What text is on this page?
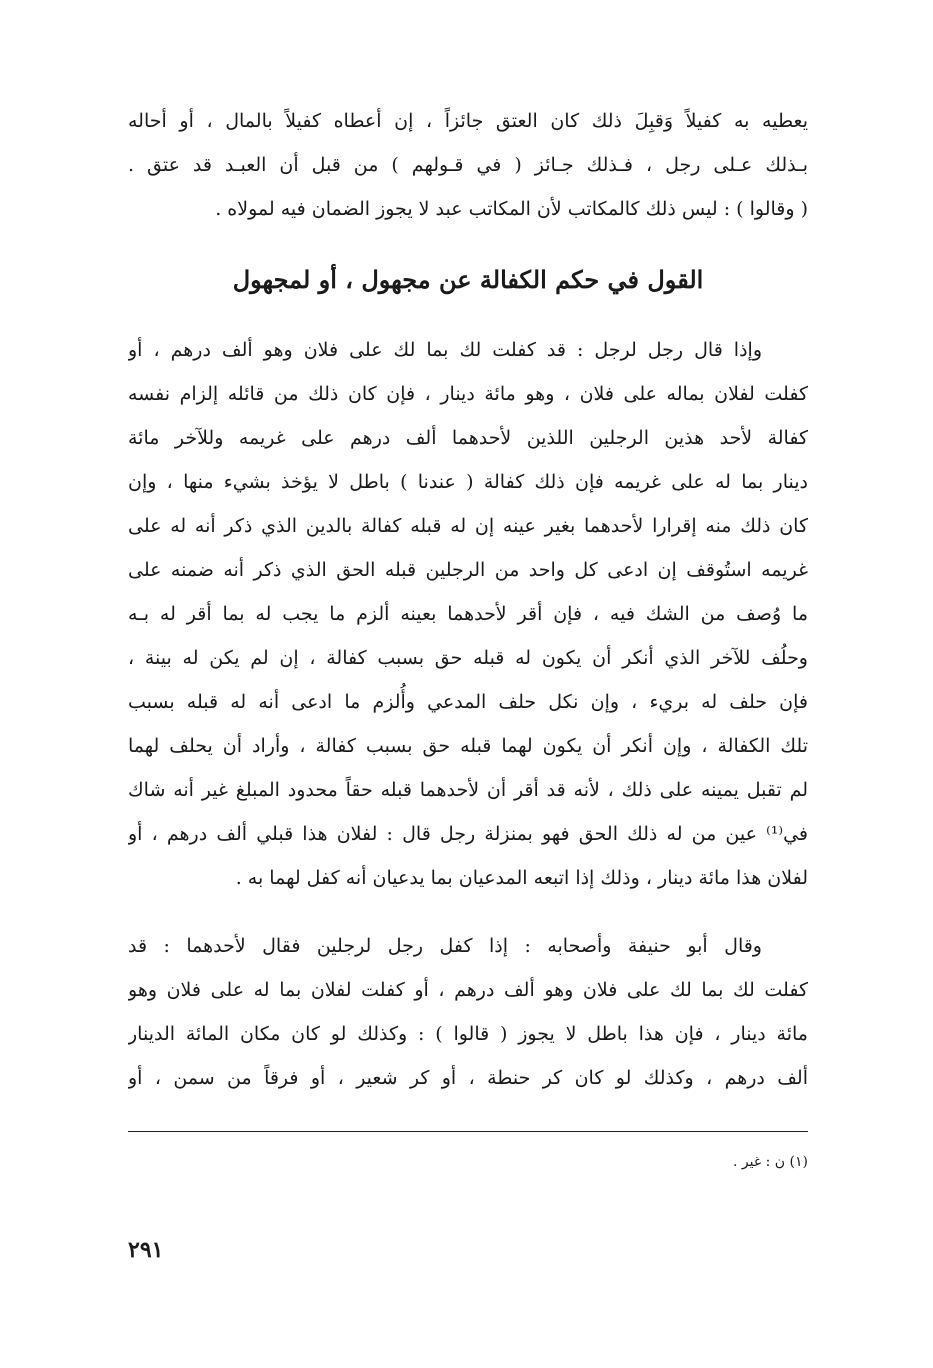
يعطيه به كفيلاً وَقبِلَ ذلك كان العتق جائزاً ، إن أعطاه كفيلاً بالمال ، أو أحاله
بـذلك عـلى رجل ، فـذلك جـائز ( في قـولهم ) من قبل أن العبـد قد عتق .
( وقالوا ) : ليس ذلك كالمكاتب لأن المكاتب عبد لا يجوز الضمان فيه لمولاه .
القول في حكم الكفالة عن مجهول ، أو لمجهول
وإذا قال رجل لرجل : قد كفلت لك بما لك على فلان وهو ألف درهم ، أو
كفلت لفلان بماله على فلان ، وهو مائة دينار ، فإن كان ذلك من قائله إلزام نفسه
كفالة لأحد هذين الرجلين اللذين لأحدهما ألف درهم على غريمه وللآخر مائة
دينار بما له على غريمه فإن ذلك كفالة ( عندنا ) باطل لا يؤخذ بشيء منها ، وإن
كان ذلك منه إقرارا لأحدهما بغير عينه إن له قبله كفالة بالدين الذي ذكر أنه له على
غريمه استُوقف إن ادعى كل واحد من الرجلين قبله الحق الذي ذكر أنه ضمنه على
ما وُصف من الشك فيه ، فإن أقر لأحدهما بعينه ألزم ما يجب له بما أقر له بـه
وحلُف للآخر الذي أنكر أن يكون له قبله حق بسبب كفالة ، إن لم يكن له بينة ،
فإن حلف له بريء ، وإن نكل حلف المدعي وأُلزم ما ادعى أنه له قبله بسبب
تلك الكفالة ، وإن أنكر أن يكون لهما قبله حق بسبب كفالة ، وأراد أن يحلف لهما
لم تقبل يمينه على ذلك ، لأنه قد أقر أن لأحدهما قبله حقاً محدود المبلغ غير أنه شاك
في⁽¹⁾ عين من له ذلك الحق فهو بمنزلة رجل قال : لفلان هذا قبلي ألف درهم ، أو
لفلان هذا مائة دينار ، وذلك إذا اتبعه المدعيان بما يدعيان أنه كفل لهما به .
وقال أبو حنيفة وأصحابه : إذا كفل رجل لرجلين فقال لأحدهما : قد
كفلت لك بما لك على فلان وهو ألف درهم ، أو كفلت لفلان بما له على فلان وهو
مائة دينار ، فإن هذا باطل لا يجوز ( قالوا ) : وكذلك لو كان مكان المائة الدينار
ألف درهم ، وكذلك لو كان كر حنطة ، أو كر شعير ، أو فرقاً من سمن ، أو
(١) ن : غير .
٢٩١
